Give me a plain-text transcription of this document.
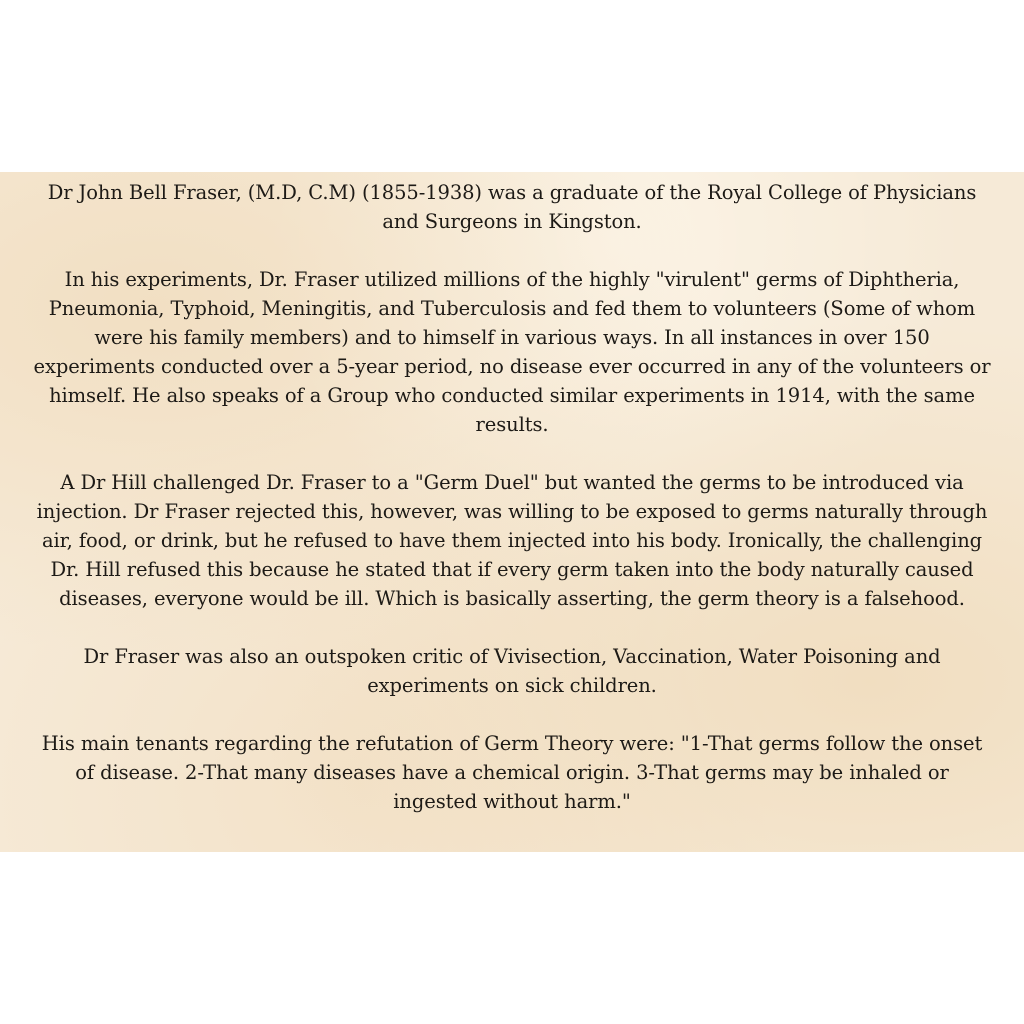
Dr John Bell Fraser, (M.D, C.M) (1855-1938) was a graduate of the Royal College of Physicians and Surgeons in Kingston.

In his experiments, Dr. Fraser utilized millions of the highly "virulent" germs of Diphtheria, Pneumonia, Typhoid, Meningitis, and Tuberculosis and fed them to volunteers (Some of whom were his family members) and to himself in various ways. In all instances in over 150 experiments conducted over a 5-year period, no disease ever occurred in any of the volunteers or himself. He also speaks of a Group who conducted similar experiments in 1914, with the same results.

A Dr Hill challenged Dr. Fraser to a "Germ Duel" but wanted the germs to be introduced via injection. Dr Fraser rejected this, however, was willing to be exposed to germs naturally through air, food, or drink, but he refused to have them injected into his body. Ironically, the challenging Dr. Hill refused this because he stated that if every germ taken into the body naturally caused diseases, everyone would be ill. Which is basically asserting, the germ theory is a falsehood.

Dr Fraser was also an outspoken critic of Vivisection, Vaccination, Water Poisoning and experiments on sick children.

His main tenants regarding the refutation of Germ Theory were: "1-That germs follow the onset of disease. 2-That many diseases have a chemical origin. 3-That germs may be inhaled or ingested without harm."
